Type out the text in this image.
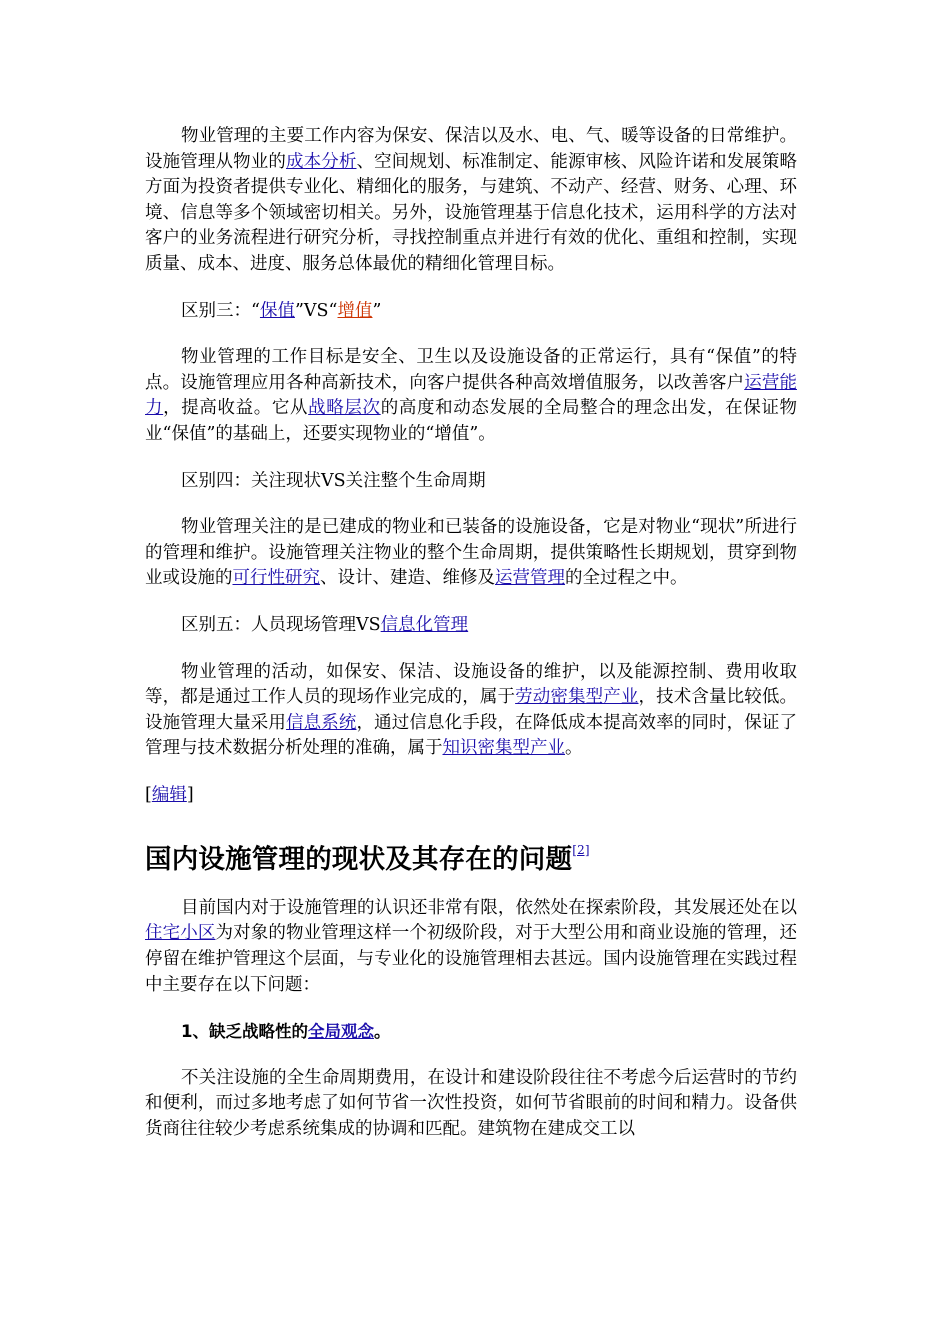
物业管理的主要工作内容为保安、保洁以及水、电、气、暖等设备的日常维护。设施管理从物业的成本分析、空间规划、标准制定、能源审核、风险许诺和发展策略方面为投资者提供专业化、精细化的服务，与建筑、不动产、经营、财务、心理、环境、信息等多个领域密切相关。另外，设施管理基于信息化技术，运用科学的方法对客户的业务流程进行研究分析，寻找控制重点并进行有效的优化、重组和控制，实现质量、成本、进度、服务总体最优的精细化管理目标。

区别三：“保值”VS“增值”

物业管理的工作目标是安全、卫生以及设施设备的正常运行，具有“保值”的特点。设施管理应用各种高新技术，向客户提供各种高效增值服务，以改善客户运营能力，提高收益。它从战略层次的高度和动态发展的全局整合的理念出发，在保证物业“保值”的基础上，还要实现物业的“增值”。

区别四：关注现状VS关注整个生命周期

物业管理关注的是已建成的物业和已装备的设施设备，它是对物业“现状”所进行的管理和维护。设施管理关注物业的整个生命周期，提供策略性长期规划，贯穿到物业或设施的可行性研究、设计、建造、维修及运营管理的全过程之中。

区别五：人员现场管理VS信息化管理

物业管理的活动，如保安、保洁、设施设备的维护，以及能源控制、费用收取等，都是通过工作人员的现场作业完成的，属于劳动密集型产业，技术含量比较低。设施管理大量采用信息系统，通过信息化手段，在降低成本提高效率的同时，保证了管理与技术数据分析处理的准确，属于知识密集型产业。

[编辑]

国内设施管理的现状及其存在的问题[2]

目前国内对于设施管理的认识还非常有限，依然处在探索阶段，其发展还处在以住宅小区为对象的物业管理这样一个初级阶段，对于大型公用和商业设施的管理，还停留在维护管理这个层面，与专业化的设施管理相去甚远。国内设施管理在实践过程中主要存在以下问题：

1、缺乏战略性的全局观念。

不关注设施的全生命周期费用，在设计和建设阶段往往不考虑今后运营时的节约和便利，而过多地考虑了如何节省一次性投资，如何节省眼前的时间和精力。设备供货商往往较少考虑系统集成的协调和匹配。建筑物在建成交工以
